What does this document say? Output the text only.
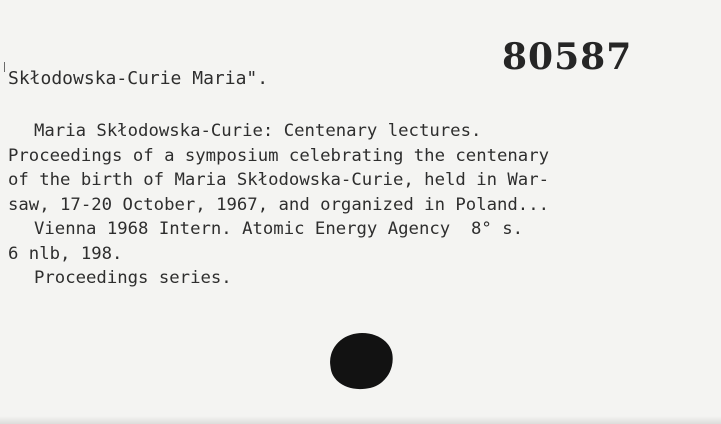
80587
Skłodowska-Curie Maria".
Maria Skłodowska-Curie: Centenary lectures.
Proceedings of a symposium celebrating the centenary
of the birth of Maria Skłodowska-Curie, held in War-
saw, 17-20 October, 1967, and organized in Poland...
Vienna 1968 Intern. Atomic Energy Agency  8° s.
6 nlb, 198.
Proceedings series.
